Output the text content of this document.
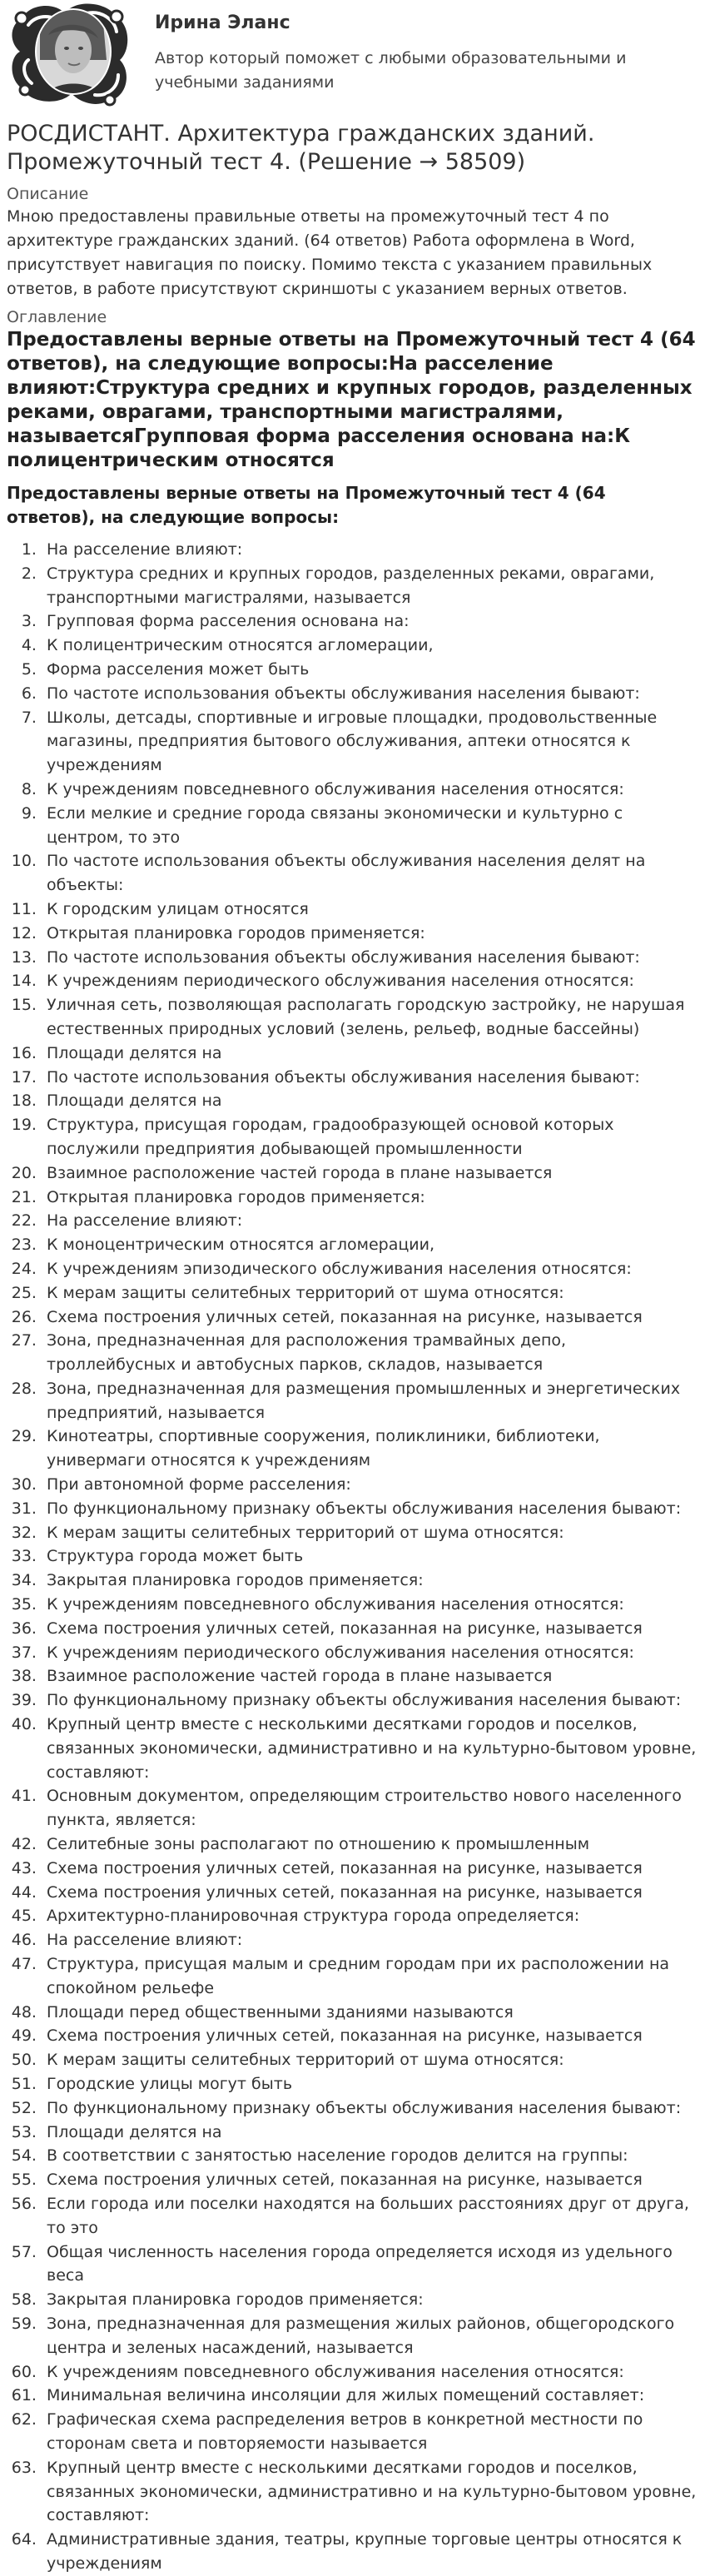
Ирина Эланс

Автор который поможет с любыми образовательными и учебными заданиями

РОСДИСТАНТ. Архитектура гражданских зданий. Промежуточный тест 4. (Решение → 58509)
Описание

Мною предоставлены правильные ответы на промежуточный тест 4 по архитектуре гражданских зданий. (64 ответов) Работа оформлена в Word, присутствует навигация по поиску. Помимо текста с указанием правильных ответов, в работе присутствуют скриншоты с указанием верных ответов.

Оглавление
Предоставлены верные ответы на Промежуточный тест 4 (64 ответов), на следующие вопросы:На расселение влияют:Структура средних и крупных городов, разделенных реками, оврагами, транспортными магистралями, называетсяГрупповая форма расселения основана на:К полицентрическим относятся
Предоставлены верные ответы на Промежуточный тест 4 (64 ответов), на следующие вопросы:
1. На расселение влияют:
2. Структура средних и крупных городов, разделенных реками, оврагами, транспортными магистралями, называется
3. Групповая форма расселения основана на:
4. К полицентрическим относятся агломерации,
5. Форма расселения может быть
6. По частоте использования объекты обслуживания населения бывают:
7. Школы, детсады, спортивные и игровые площадки, продовольственные магазины, предприятия бытового обслуживания, аптеки относятся к учреждениям
8. К учреждениям повседневного обслуживания населения относятся:
9. Если мелкие и средние города связаны экономически и культурно с центром, то это
10. По частоте использования объекты обслуживания населения делят на объекты:
11. К городским улицам относятся
12. Открытая планировка городов применяется:
13. По частоте использования объекты обслуживания населения бывают:
14. К учреждениям периодического обслуживания населения относятся:
15. Уличная сеть, позволяющая располагать городскую застройку, не нарушая естественных природных условий (зелень, рельеф, водные бассейны)
16. Площади делятся на
17. По частоте использования объекты обслуживания населения бывают:
18. Площади делятся на
19. Структура, присущая городам, градообразующей основой которых послужили предприятия добывающей промышленности
20. Взаимное расположение частей города в плане называется
21. Открытая планировка городов применяется:
22. На расселение влияют:
23. К моноцентрическим относятся агломерации,
24. К учреждениям эпизодического обслуживания населения относятся:
25. К мерам защиты селитебных территорий от шума относятся:
26. Схема построения уличных сетей, показанная на рисунке, называется
27. Зона, предназначенная для расположения трамвайных депо, троллейбусных и автобусных парков, складов, называется
28. Зона, предназначенная для размещения промышленных и энергетических предприятий, называется
29. Кинотеатры, спортивные сооружения, поликлиники, библиотеки, универмаги относятся к учреждениям
30. При автономной форме расселения:
31. По функциональному признаку объекты обслуживания населения бывают:
32. К мерам защиты селитебных территорий от шума относятся:
33. Структура города может быть
34. Закрытая планировка городов применяется:
35. К учреждениям повседневного обслуживания населения относятся:
36. Схема построения уличных сетей, показанная на рисунке, называется
37. К учреждениям периодического обслуживания населения относятся:
38. Взаимное расположение частей города в плане называется
39. По функциональному признаку объекты обслуживания населения бывают:
40. Крупный центр вместе с несколькими десятками городов и поселков, связанных экономически, административно и на культурно-бытовом уровне, составляют:
41. Основным документом, определяющим строительство нового населенного пункта, является:
42. Селитебные зоны располагают по отношению к промышленным
43. Схема построения уличных сетей, показанная на рисунке, называется
44. Схема построения уличных сетей, показанная на рисунке, называется
45. Архитектурно-планировочная структура города определяется:
46. На расселение влияют:
47. Структура, присущая малым и средним городам при их расположении на спокойном рельефе
48. Площади перед общественными зданиями называются
49. Схема построения уличных сетей, показанная на рисунке, называется
50. К мерам защиты селитебных территорий от шума относятся:
51. Городские улицы могут быть
52. По функциональному признаку объекты обслуживания населения бывают:
53. Площади делятся на
54. В соответствии с занятостью население городов делится на группы:
55. Схема построения уличных сетей, показанная на рисунке, называется
56. Если города или поселки находятся на больших расстояниях друг от друга, то это
57. Общая численность населения города определяется исходя из удельного веса
58. Закрытая планировка городов применяется:
59. Зона, предназначенная для размещения жилых районов, общегородского центра и зеленых насаждений, называется
60. К учреждениям повседневного обслуживания населения относятся:
61. Минимальная величина инсоляции для жилых помещений составляет:
62. Графическая схема распределения ветров в конкретной местности по сторонам света и повторяемости называется
63. Крупный центр вместе с несколькими десятками городов и поселков, связанных экономически, административно и на культурно-бытовом уровне, составляют:
64. Административные здания, театры, крупные торговые центры относятся к учреждениям
